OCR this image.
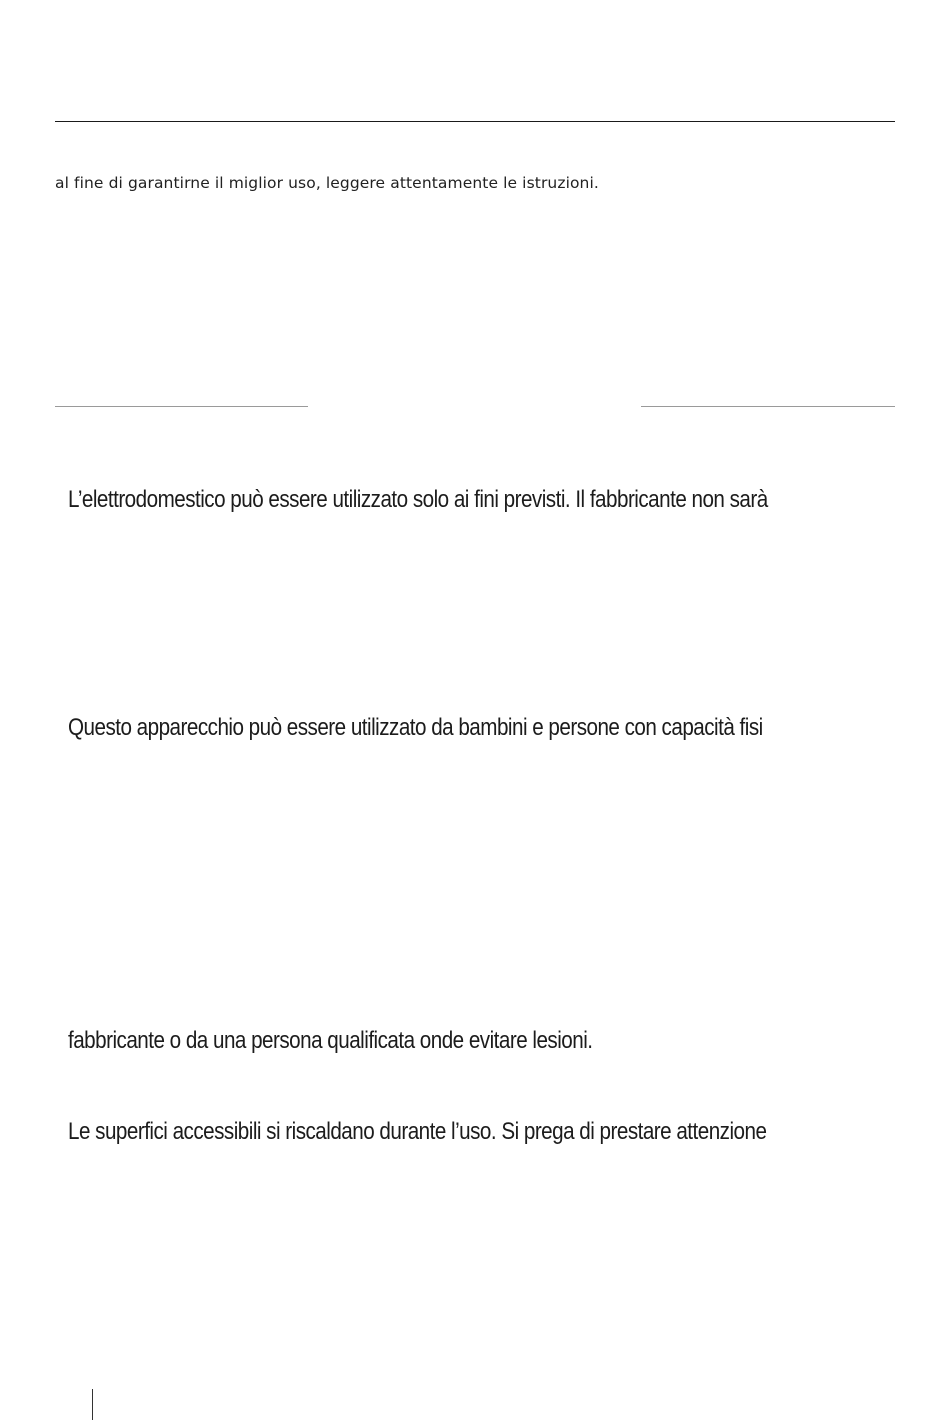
al fine di garantirne il miglior uso, leggere attentamente le istruzioni.
L’elettrodomestico può essere utilizzato solo ai fini previsti. Il fabbricante non sarà
Questo apparecchio può essere utilizzato da bambini e persone con capacità fisi
fabbricante o da una persona qualificata onde evitare lesioni.
Le superfici accessibili si riscaldano durante l’uso. Si prega di prestare attenzione
